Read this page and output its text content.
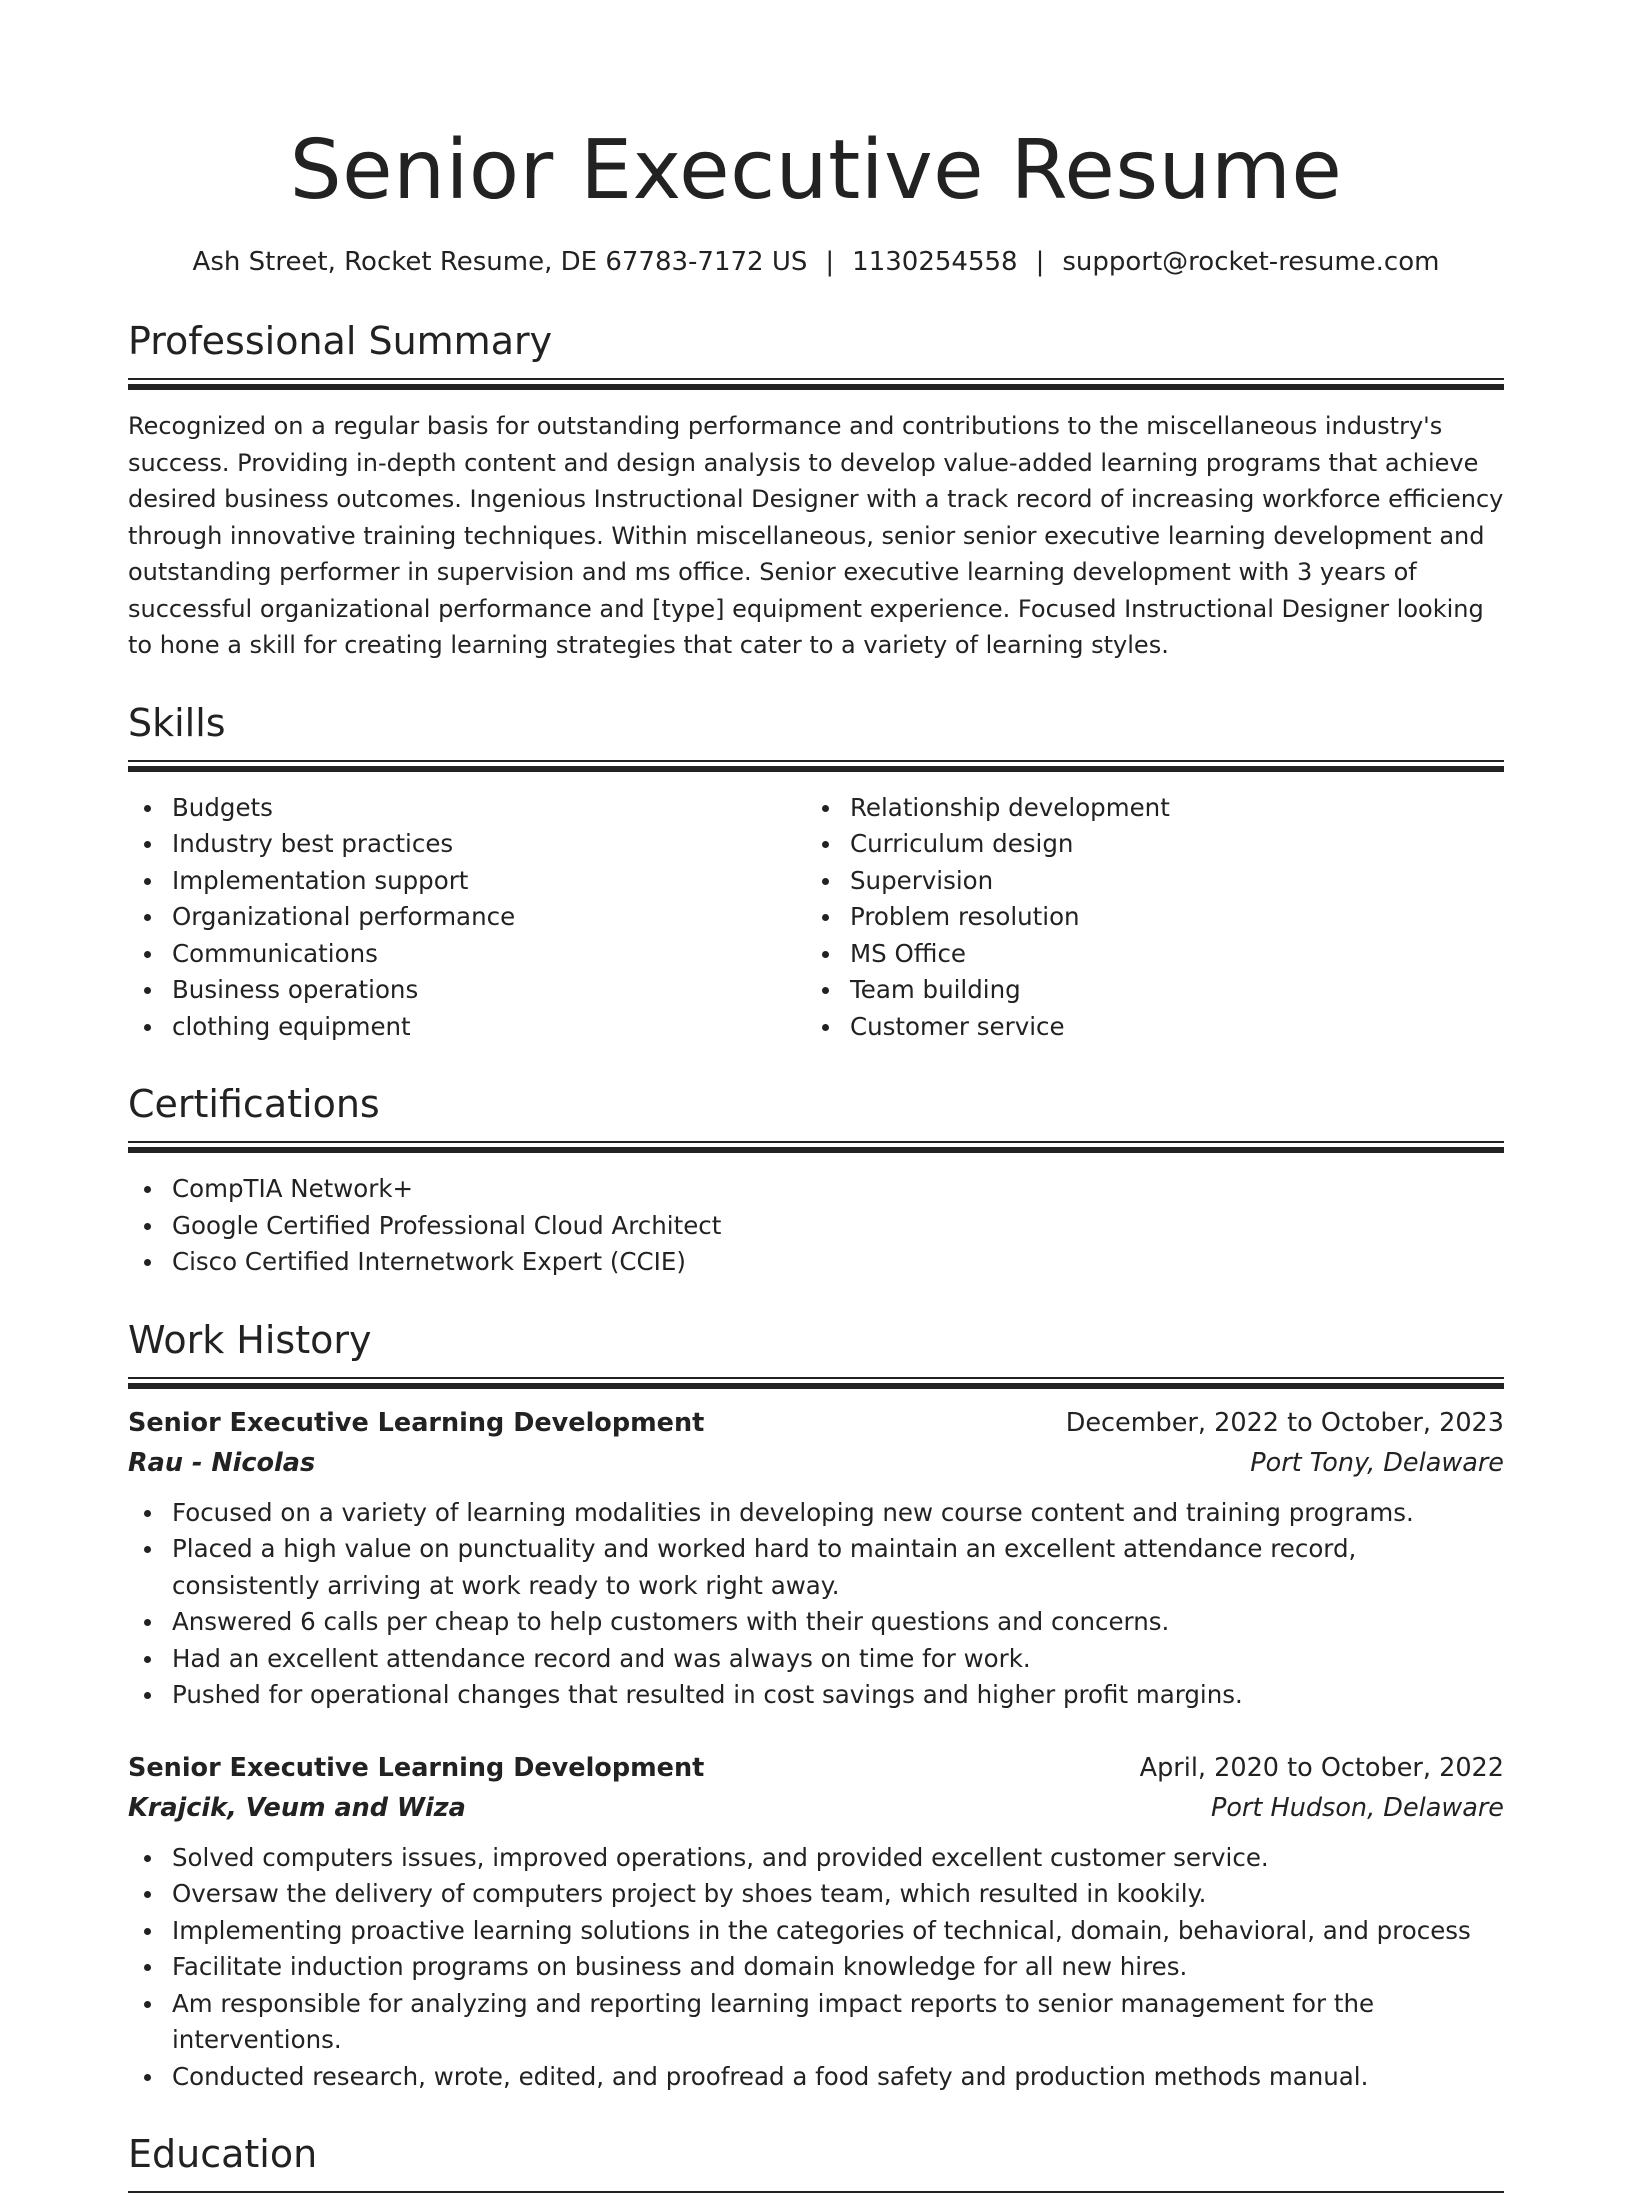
Senior Executive Resume
Ash Street, Rocket Resume, DE 67783-7172 US | 1130254558 | support@rocket-resume.com
Professional Summary
Recognized on a regular basis for outstanding performance and contributions to the miscellaneous industry's success. Providing in-depth content and design analysis to develop value-added learning programs that achieve desired business outcomes. Ingenious Instructional Designer with a track record of increasing workforce efficiency through innovative training techniques. Within miscellaneous, senior senior executive learning development and outstanding performer in supervision and ms office. Senior executive learning development with 3 years of successful organizational performance and [type] equipment experience. Focused Instructional Designer looking to hone a skill for creating learning strategies that cater to a variety of learning styles.
Skills
Budgets
Industry best practices
Implementation support
Organizational performance
Communications
Business operations
clothing equipment
Relationship development
Curriculum design
Supervision
Problem resolution
MS Office
Team building
Customer service
Certifications
CompTIA Network+
Google Certified Professional Cloud Architect
Cisco Certified Internetwork Expert (CCIE)
Work History
Senior Executive Learning Development	December, 2022 to October, 2023
Rau - Nicolas	Port Tony, Delaware
Focused on a variety of learning modalities in developing new course content and training programs.
Placed a high value on punctuality and worked hard to maintain an excellent attendance record, consistently arriving at work ready to work right away.
Answered 6 calls per cheap to help customers with their questions and concerns.
Had an excellent attendance record and was always on time for work.
Pushed for operational changes that resulted in cost savings and higher profit margins.
Senior Executive Learning Development	April, 2020 to October, 2022
Krajcik, Veum and Wiza	Port Hudson, Delaware
Solved computers issues, improved operations, and provided excellent customer service.
Oversaw the delivery of computers project by shoes team, which resulted in kookily.
Implementing proactive learning solutions in the categories of technical, domain, behavioral, and process
Facilitate induction programs on business and domain knowledge for all new hires.
Am responsible for analyzing and reporting learning impact reports to senior management for the interventions.
Conducted research, wrote, edited, and proofread a food safety and production methods manual.
Education
